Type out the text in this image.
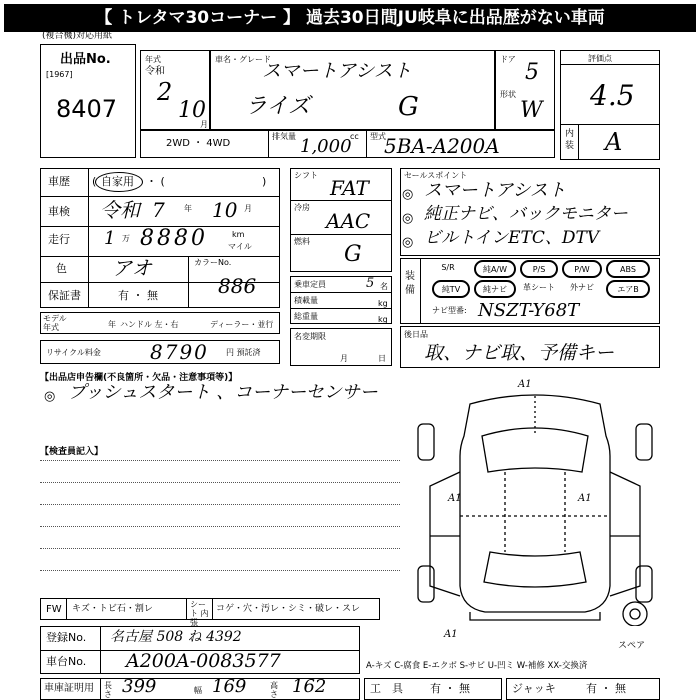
【 トレタマ30コーナー 】 過去30日間JU岐阜に出品歴がない車両
(複合機)対応用紙
出品No.
[1967]
8407
年式
令和
2
10
月
車名・グレード
スマートアシスト
ライズ	G
ドア
5
形状
W
評価点
4.5
内装 A
2WD ・ 4WD
排気量	cc
1,000 型式
5BA-A200A
車歴 ( 自家用 ・ (	)
車検 令和 7 年 10 月
走行 1 万 8880	km
マイル
色 アオ	カラーNo.
886
保証書	有 ・ 無
モデル 年式	年 ハンドル 左・右	ディーラー・並行
リサイクル料金 8790 円 預託済
シフト
FAT
冷房
AAC
燃料
G
乗車定員	5 名
積載量	kg
総重量	kg
名変期限
月	日
セールスポイント
◎ スマートアシスト
◎ 純正ナビ、バックモニター
◎ ビルトインETC、DTV
装備
S/R	純A/W	P/S	P/W	ABS
純TV	純ナビ	革シート	外ナビ	エアB
ナビ型番: NSZT-Y68T
後日品
取、ナビ取、予備キー
【出品店申告欄(不良箇所・欠品・注意事項等)】
◎ プッシュスタート 、コーナーセンサー
【検査員記入】
A1
A1	A1
A1
スペア
FW キズ・トビ石・割レ	シート 内張
コゲ・穴・汚レ・シミ・破レ・スレ
登録No. 名古屋 508 ね 4392
車台No. A200A-0083577	A-キズ C-腐食 E-エクボ S-サビ U-凹ミ W-補修 XX-交換済
車庫証明用 長さ 399	幅 169	高さ 162	工　具 有 ・ 無	ジャッキ	有 ・ 無
